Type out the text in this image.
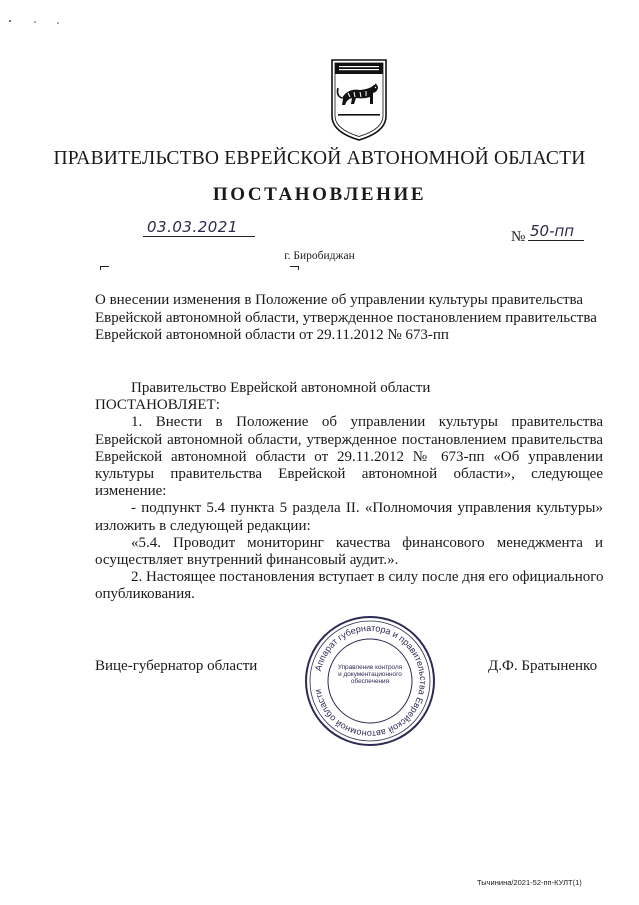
ПРАВИТЕЛЬСТВО ЕВРЕЙСКОЙ АВТОНОМНОЙ ОБЛАСТИ
ПОСТАНОВЛЕНИЕ
03.03.2021
№ 50-пп
г. Биробиджан
О внесении изменения в Положение об управлении культуры правительства
Еврейской автономной области, утвержденное постановлением правительства
Еврейской автономной области от 29.11.2012 № 673-пп
Правительство Еврейской автономной области
ПОСТАНОВЛЯЕТ:
1. Внести в Положение об управлении культуры правительства
Еврейской автономной области, утвержденное постановлением правительства
Еврейской автономной области от 29.11.2012 № 673-пп «Об управлении
культуры правительства Еврейской автономной области», следующее
изменение:
- подпункт 5.4 пункта 5 раздела II. «Полномочия управления культуры»
изложить в следующей редакции:
«5.4. Проводит мониторинг качества финансового менеджмента и
осуществляет внутренний финансовый аудит.».
2. Настоящее постановления вступает в силу после дня его официального
опубликования.
Аппарат губернатора и правительства Еврейской автономной области
Управление контроля и документационного обеспечения
Вице-губернатор области	Д.Ф. Братыненко
Тычинина/2021-52-пп-КУЛТ(1)
